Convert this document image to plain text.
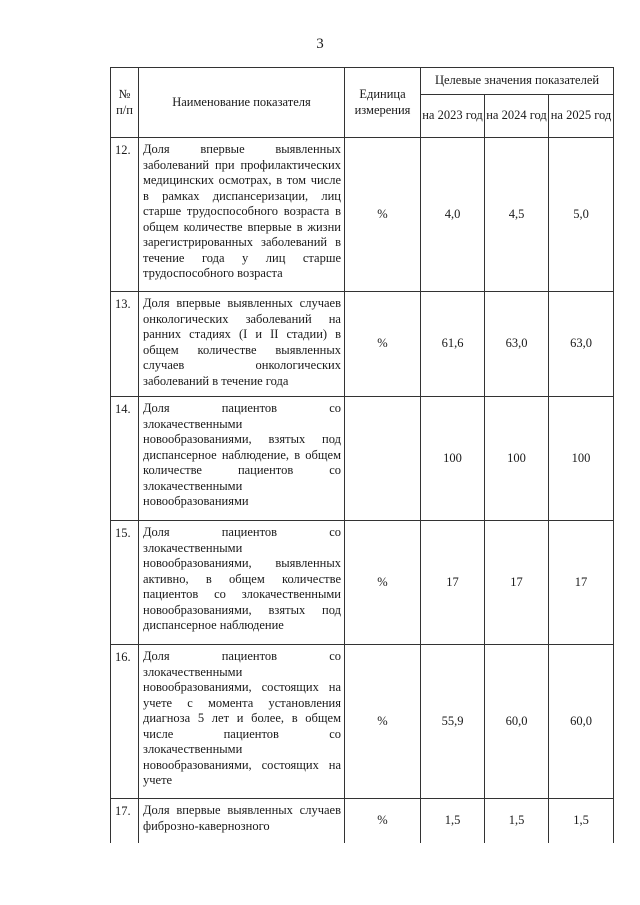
3
№
п/п	Наименование показателя	Единица измерения	Целевые значения показателей		
			на 2023 год	на 2024 год	на 2025 год
12.	Доля впервые выявленных заболеваний при профилактических медицинских осмотрах, в том числе в рамках диспансеризации, лиц старше трудоспособного возраста в общем количестве впервые в жизни зарегистрированных заболеваний в течение года у лиц старше трудоспособного возраста	%	4,0	4,5	5,0
13.	Доля впервые выявленных случаев онкологических заболеваний на ранних стадиях (I и II стадии) в общем количестве выявленных случаев онкологических заболеваний в течение года	%	61,6	63,0	63,0
14.	Доля пациентов со злокачественными новообразованиями, взятых под диспансерное наблюдение, в общем количестве пациентов со злокачественными новообразованиями		100	100	100
15.	Доля пациентов со злокачественными новообразованиями, выявленных активно, в общем количестве пациентов со злокачественными новообразованиями, взятых под диспансерное наблюдение	%	17	17	17
16.	Доля пациентов со злокачественными новообразованиями, состоящих на учете с момента установления диагноза 5 лет и более, в общем числе пациентов со злокачественными новообразованиями, состоящих на учете	%	55,9	60,0	60,0
17.	Доля впервые выявленных случаев фиброзно-кавернозного	%	1,5	1,5	1,5
